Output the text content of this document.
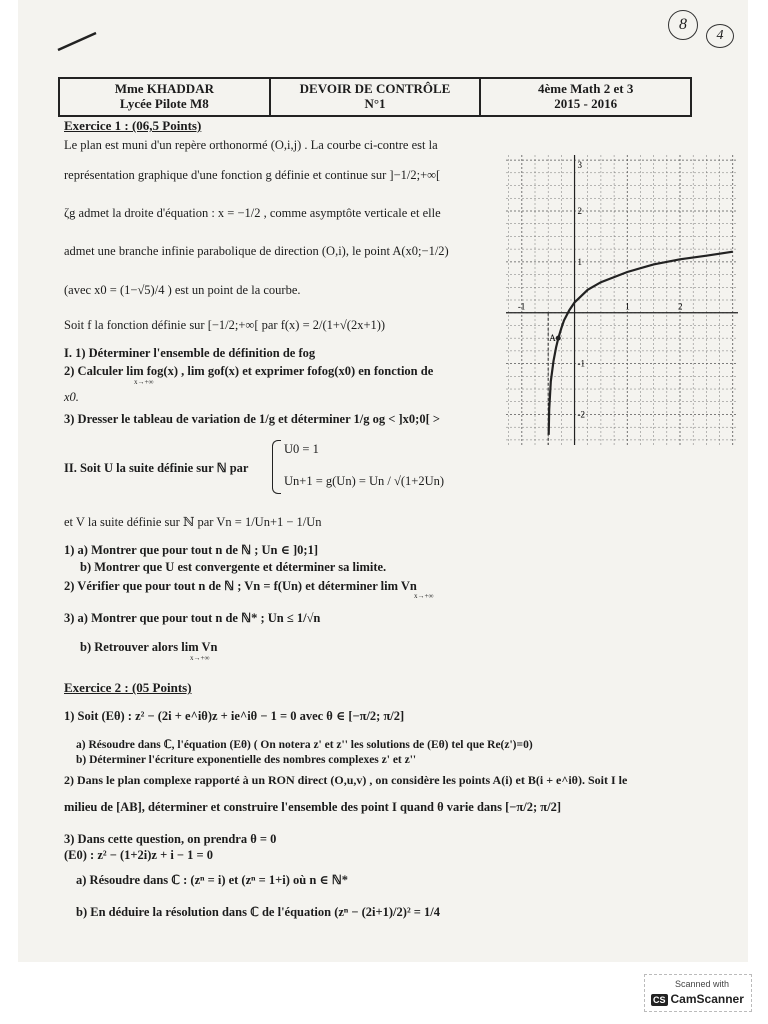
8
4
Mme KHADDAR
Lycée Pilote M8
DEVOIR DE CONTRÔLE
N°1
4ème Math 2 et 3
2015 - 2016
Exercice 1 : (06,5 Points)
Le plan est muni d'un repère orthonormé (O,i,j) . La courbe ci-contre est la
représentation graphique d'une fonction g définie et continue sur ]−1/2;+∞[
ζg admet la droite d'équation : x = −1/2 , comme asymptôte verticale et elle
admet une branche infinie parabolique de direction (O,i), le point A(x0;−1/2)
(avec x0 = (1−√5)/4 ) est un point de la courbe.
Soit f la fonction définie sur [−1/2;+∞[ par f(x) = 2/(1+√(2x+1))
I. 1) Déterminer l'ensemble de définition de fog
2) Calculer lim fog(x) , lim gof(x) et exprimer fofog(x0) en fonction de
x→+∞
x0.
3) Dresser le tableau de variation de 1/g et déterminer 1/g og < ]x0;0[ >
II. Soit U la suite définie sur ℕ par
U0 = 1
Un+1 = g(Un) = Un / √(1+2Un)
et V la suite définie sur ℕ par Vn = 1/Un+1 − 1/Un
1) a) Montrer que pour tout n de ℕ ; Un ∈ ]0;1]
b) Montrer que U est convergente et déterminer sa limite.
2) Vérifier que pour tout n de ℕ ; Vn = f(Un) et déterminer lim Vn
x→+∞
3) a) Montrer que pour tout n de ℕ* ; Un ≤ 1/√n
b) Retrouver alors lim Vn
x→+∞
Exercice 2 : (05 Points)
1) Soit (Eθ) : z² − (2i + e^iθ)z + ie^iθ − 1 = 0 avec θ ∈ [−π/2; π/2]
a) Résoudre dans ℂ, l'équation (Eθ) ( On notera z' et z'' les solutions de (Eθ) tel que Re(z')=0)
b) Déterminer l'écriture exponentielle des nombres complexes z' et z''
2) Dans le plan complexe rapporté à un RON direct (O,u,v) , on considère les points A(i) et B(i + e^iθ). Soit I le
milieu de [AB], déterminer et construire l'ensemble des point I quand θ varie dans [−π/2; π/2]
3) Dans cette question, on prendra θ = 0
(E0) : z² − (1+2i)z + i − 1 = 0
a) Résoudre dans ℂ : (zⁿ = i) et (zⁿ = 1+i) où n ∈ ℕ*
b) En déduire la résolution dans ℂ de l'équation (zⁿ − (2i+1)/2)² = 1/4
A
-1	1	2
3
2
1
-1
-2
Scanned with
CS CamScanner
